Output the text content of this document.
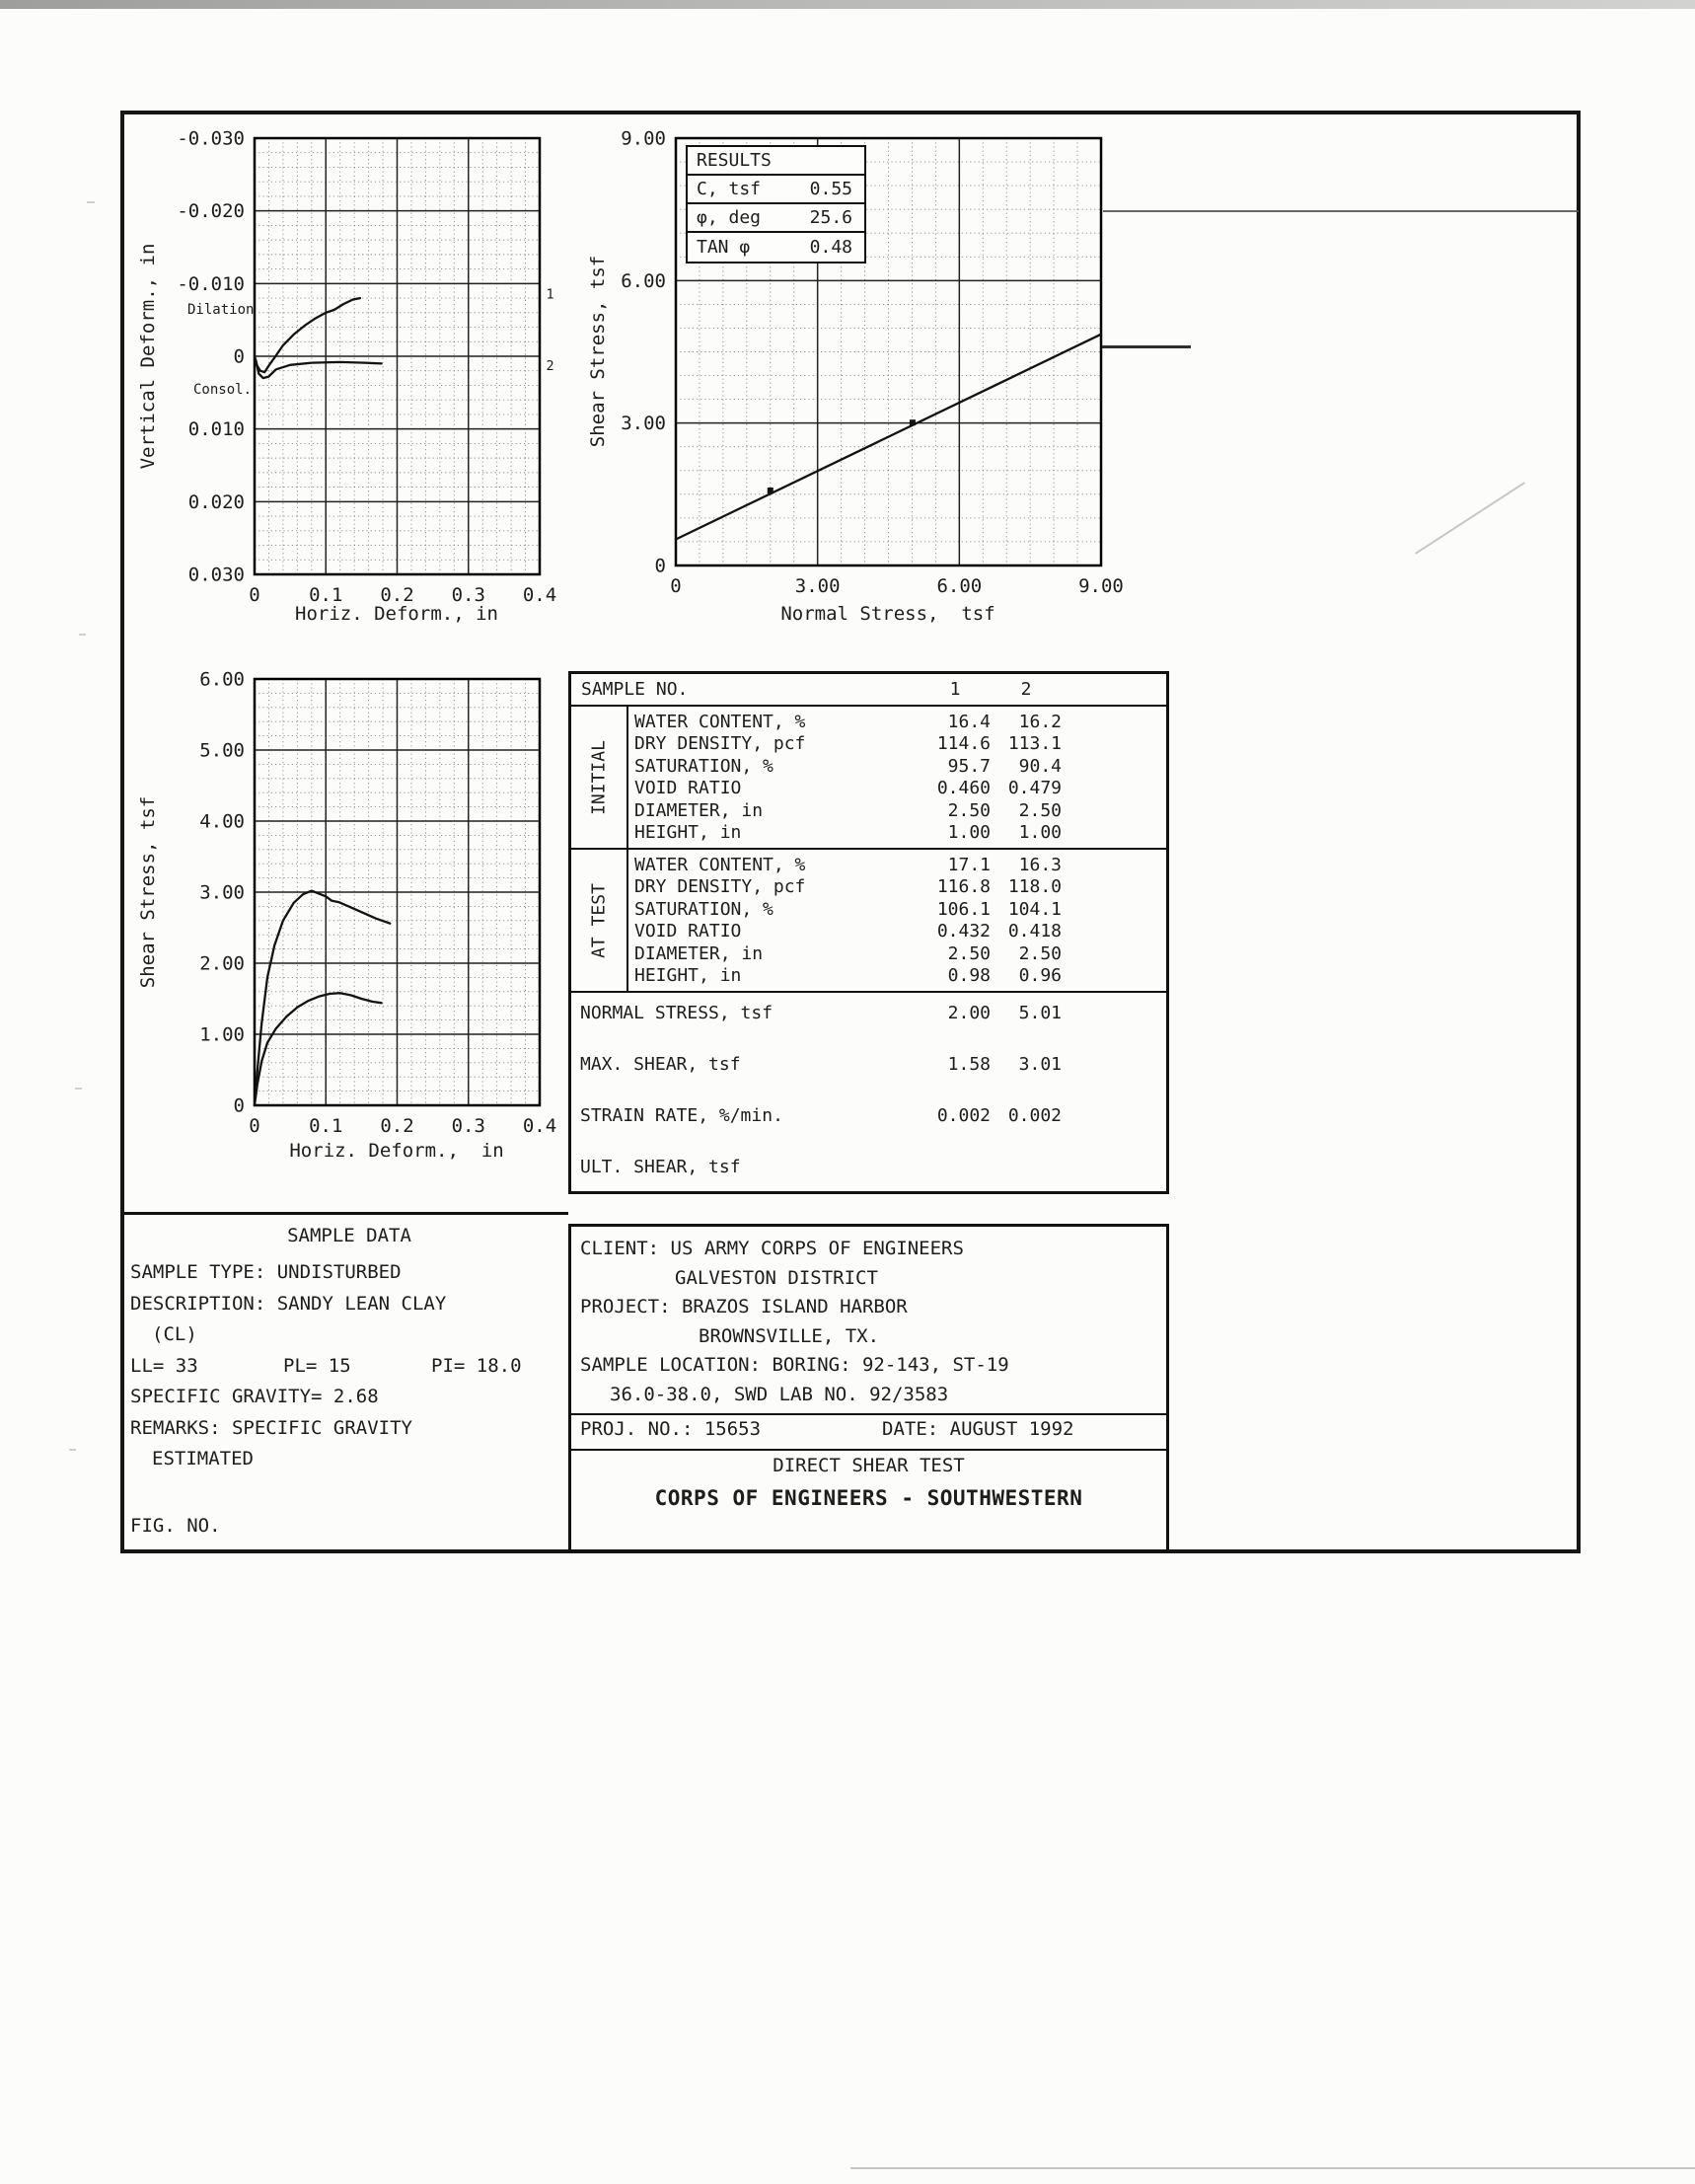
0	0.1 0.2 0.3 0.4
-0.030
-0.020
-0.010
0
0.010
0.020
0.030
1
2
Vertical Deform., in
Horiz. Deform., in
Dilation
Consol.
0	3.00	6.00	9.00
0
3.00
6.00
9.00
Shear Stress, tsf
Normal Stress,  tsf
RESULTS
C, tsf	0.55
φ, deg	25.6
TAN φ	0.48
0	0.1 0.2 0.3 0.4
0
1.00
2.00
3.00
4.00
5.00
6.00
Shear Stress, tsf
Horiz. Deform.,  in
SAMPLE NO.	1	2
INITIAL
WATER CONTENT, %	16.4	16.2
DRY DENSITY, pcf	114.6 113.1
SATURATION, %	95.7	90.4
VOID RATIO	0.460 0.479
DIAMETER, in	2.50	2.50
HEIGHT, in	1.00	1.00
AT TEST
WATER CONTENT, %	17.1	16.3
DRY DENSITY, pcf	116.8 118.0
SATURATION, %	106.1 104.1
VOID RATIO	0.432 0.418
DIAMETER, in	2.50	2.50
HEIGHT, in	0.98	0.96
NORMAL STRESS, tsf	2.00	5.01
MAX. SHEAR, tsf	1.58	3.01
STRAIN RATE, %/min.	0.002 0.002
ULT. SHEAR, tsf
SAMPLE DATA
SAMPLE TYPE: UNDISTURBED
DESCRIPTION: SANDY LEAN CLAY
(CL)
LL= 33	PL= 15	PI= 18.0
SPECIFIC GRAVITY= 2.68
REMARKS: SPECIFIC GRAVITY
ESTIMATED
FIG. NO.
CLIENT: US ARMY CORPS OF ENGINEERS
GALVESTON DISTRICT
PROJECT: BRAZOS ISLAND HARBOR
BROWNSVILLE, TX.
SAMPLE LOCATION: BORING: 92-143, ST-19
36.0-38.0, SWD LAB NO. 92/3583
PROJ. NO.: 15653	DATE: AUGUST 1992
DIRECT SHEAR TEST
CORPS OF ENGINEERS - SOUTHWESTERN
